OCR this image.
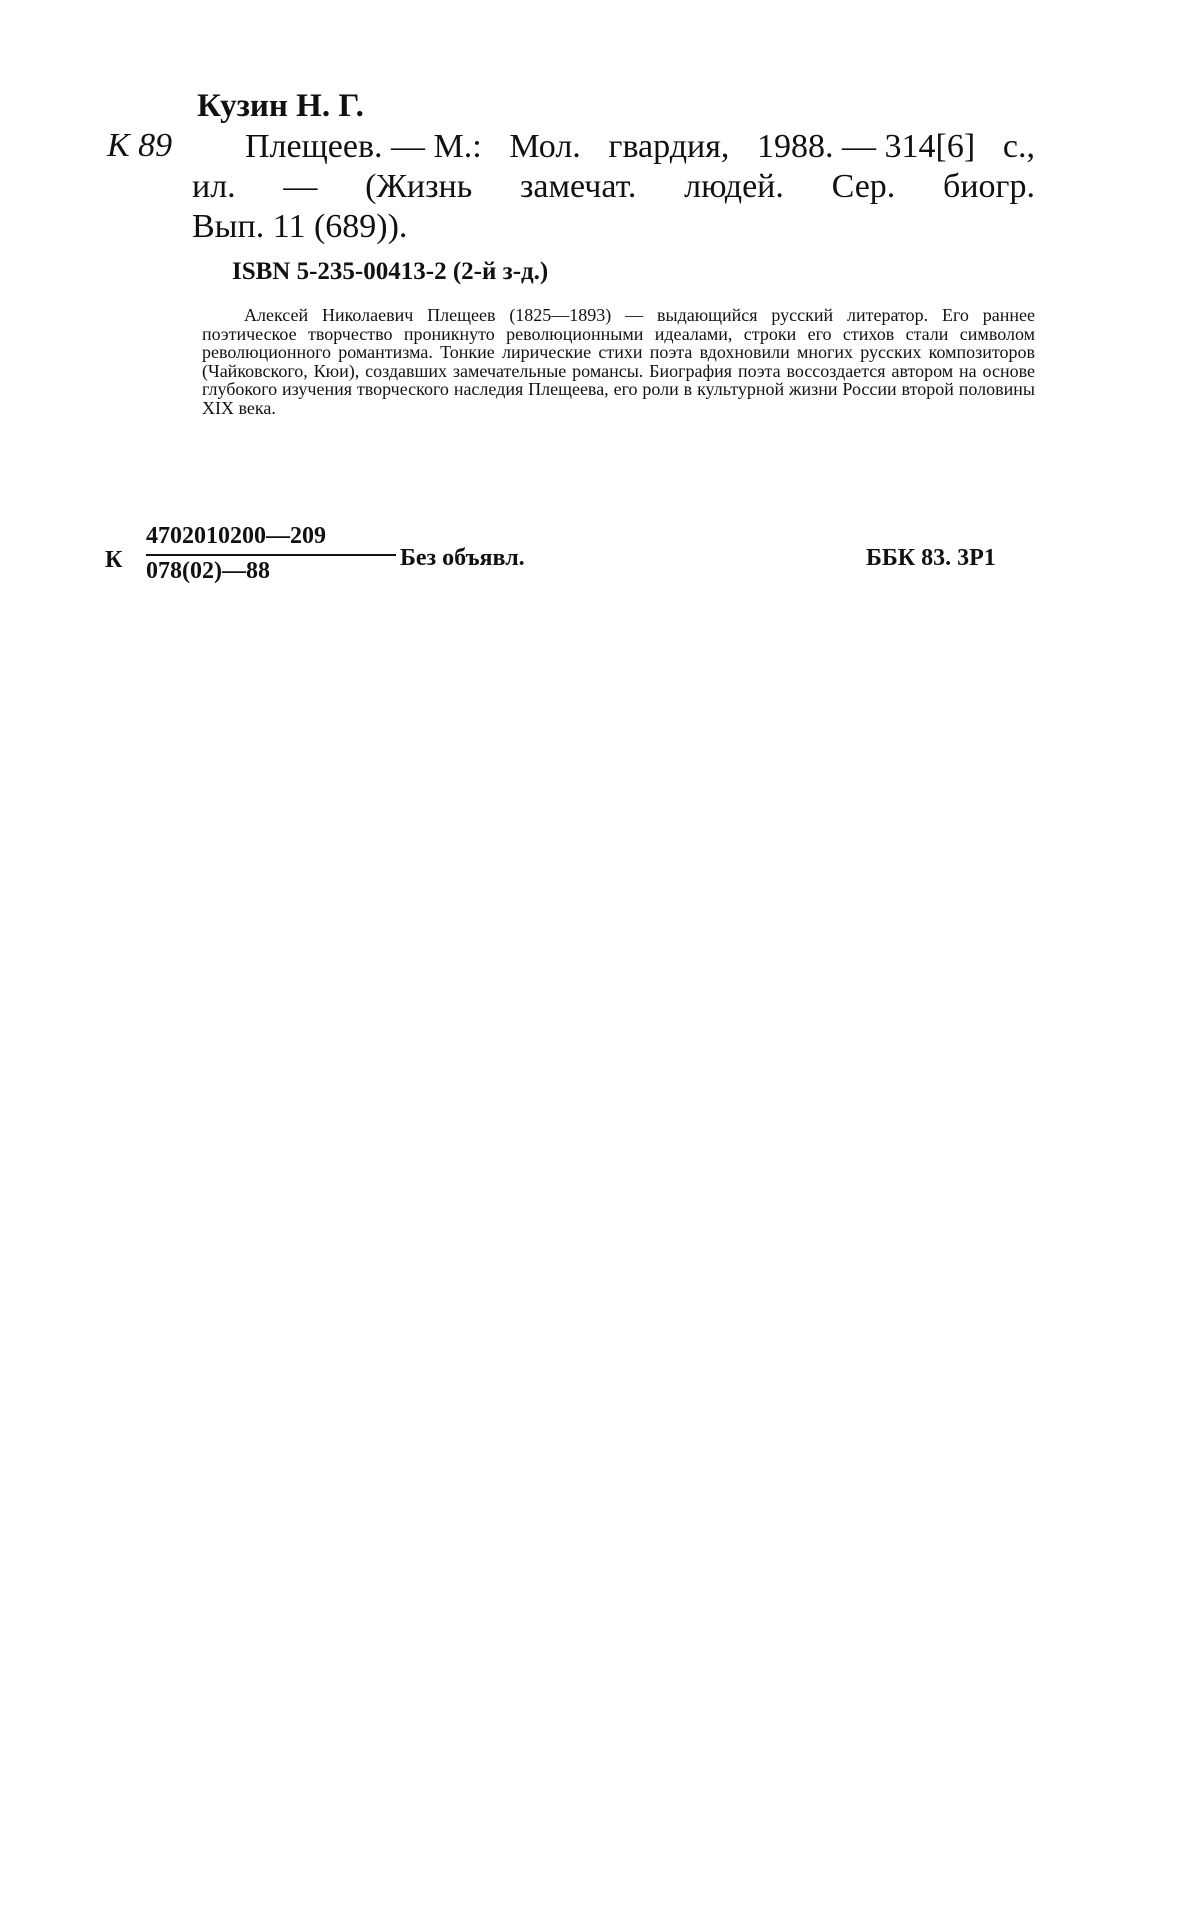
Кузин Н. Г.
К 89 Плещеев. — М.: Мол. гвардия, 1988. — 314[6] с.,
ил. — (Жизнь замечат. людей. Сер. биогр.
Вып. 11 (689)).
ISBN 5-235-00413-2 (2-й з-д.)
Алексей Николаевич Плещеев (1825—1893) — выдающийся русский литератор. Его раннее поэтическое творчество проникнуто революционными идеалами, строки его стихов стали символом революционного романтизма. Тонкие лирические стихи поэта вдохновили многих русских композиторов (Чайковского, Кюи), создавших замечательные романсы. Биография поэта воссоздается автором на основе глубокого изучения творческого наследия Плещеева, его роли в культурной жизни России второй половины XIX века.
К
4702010200—209
078(02)—88	Без объявл.	ББК 83. 3Р1
